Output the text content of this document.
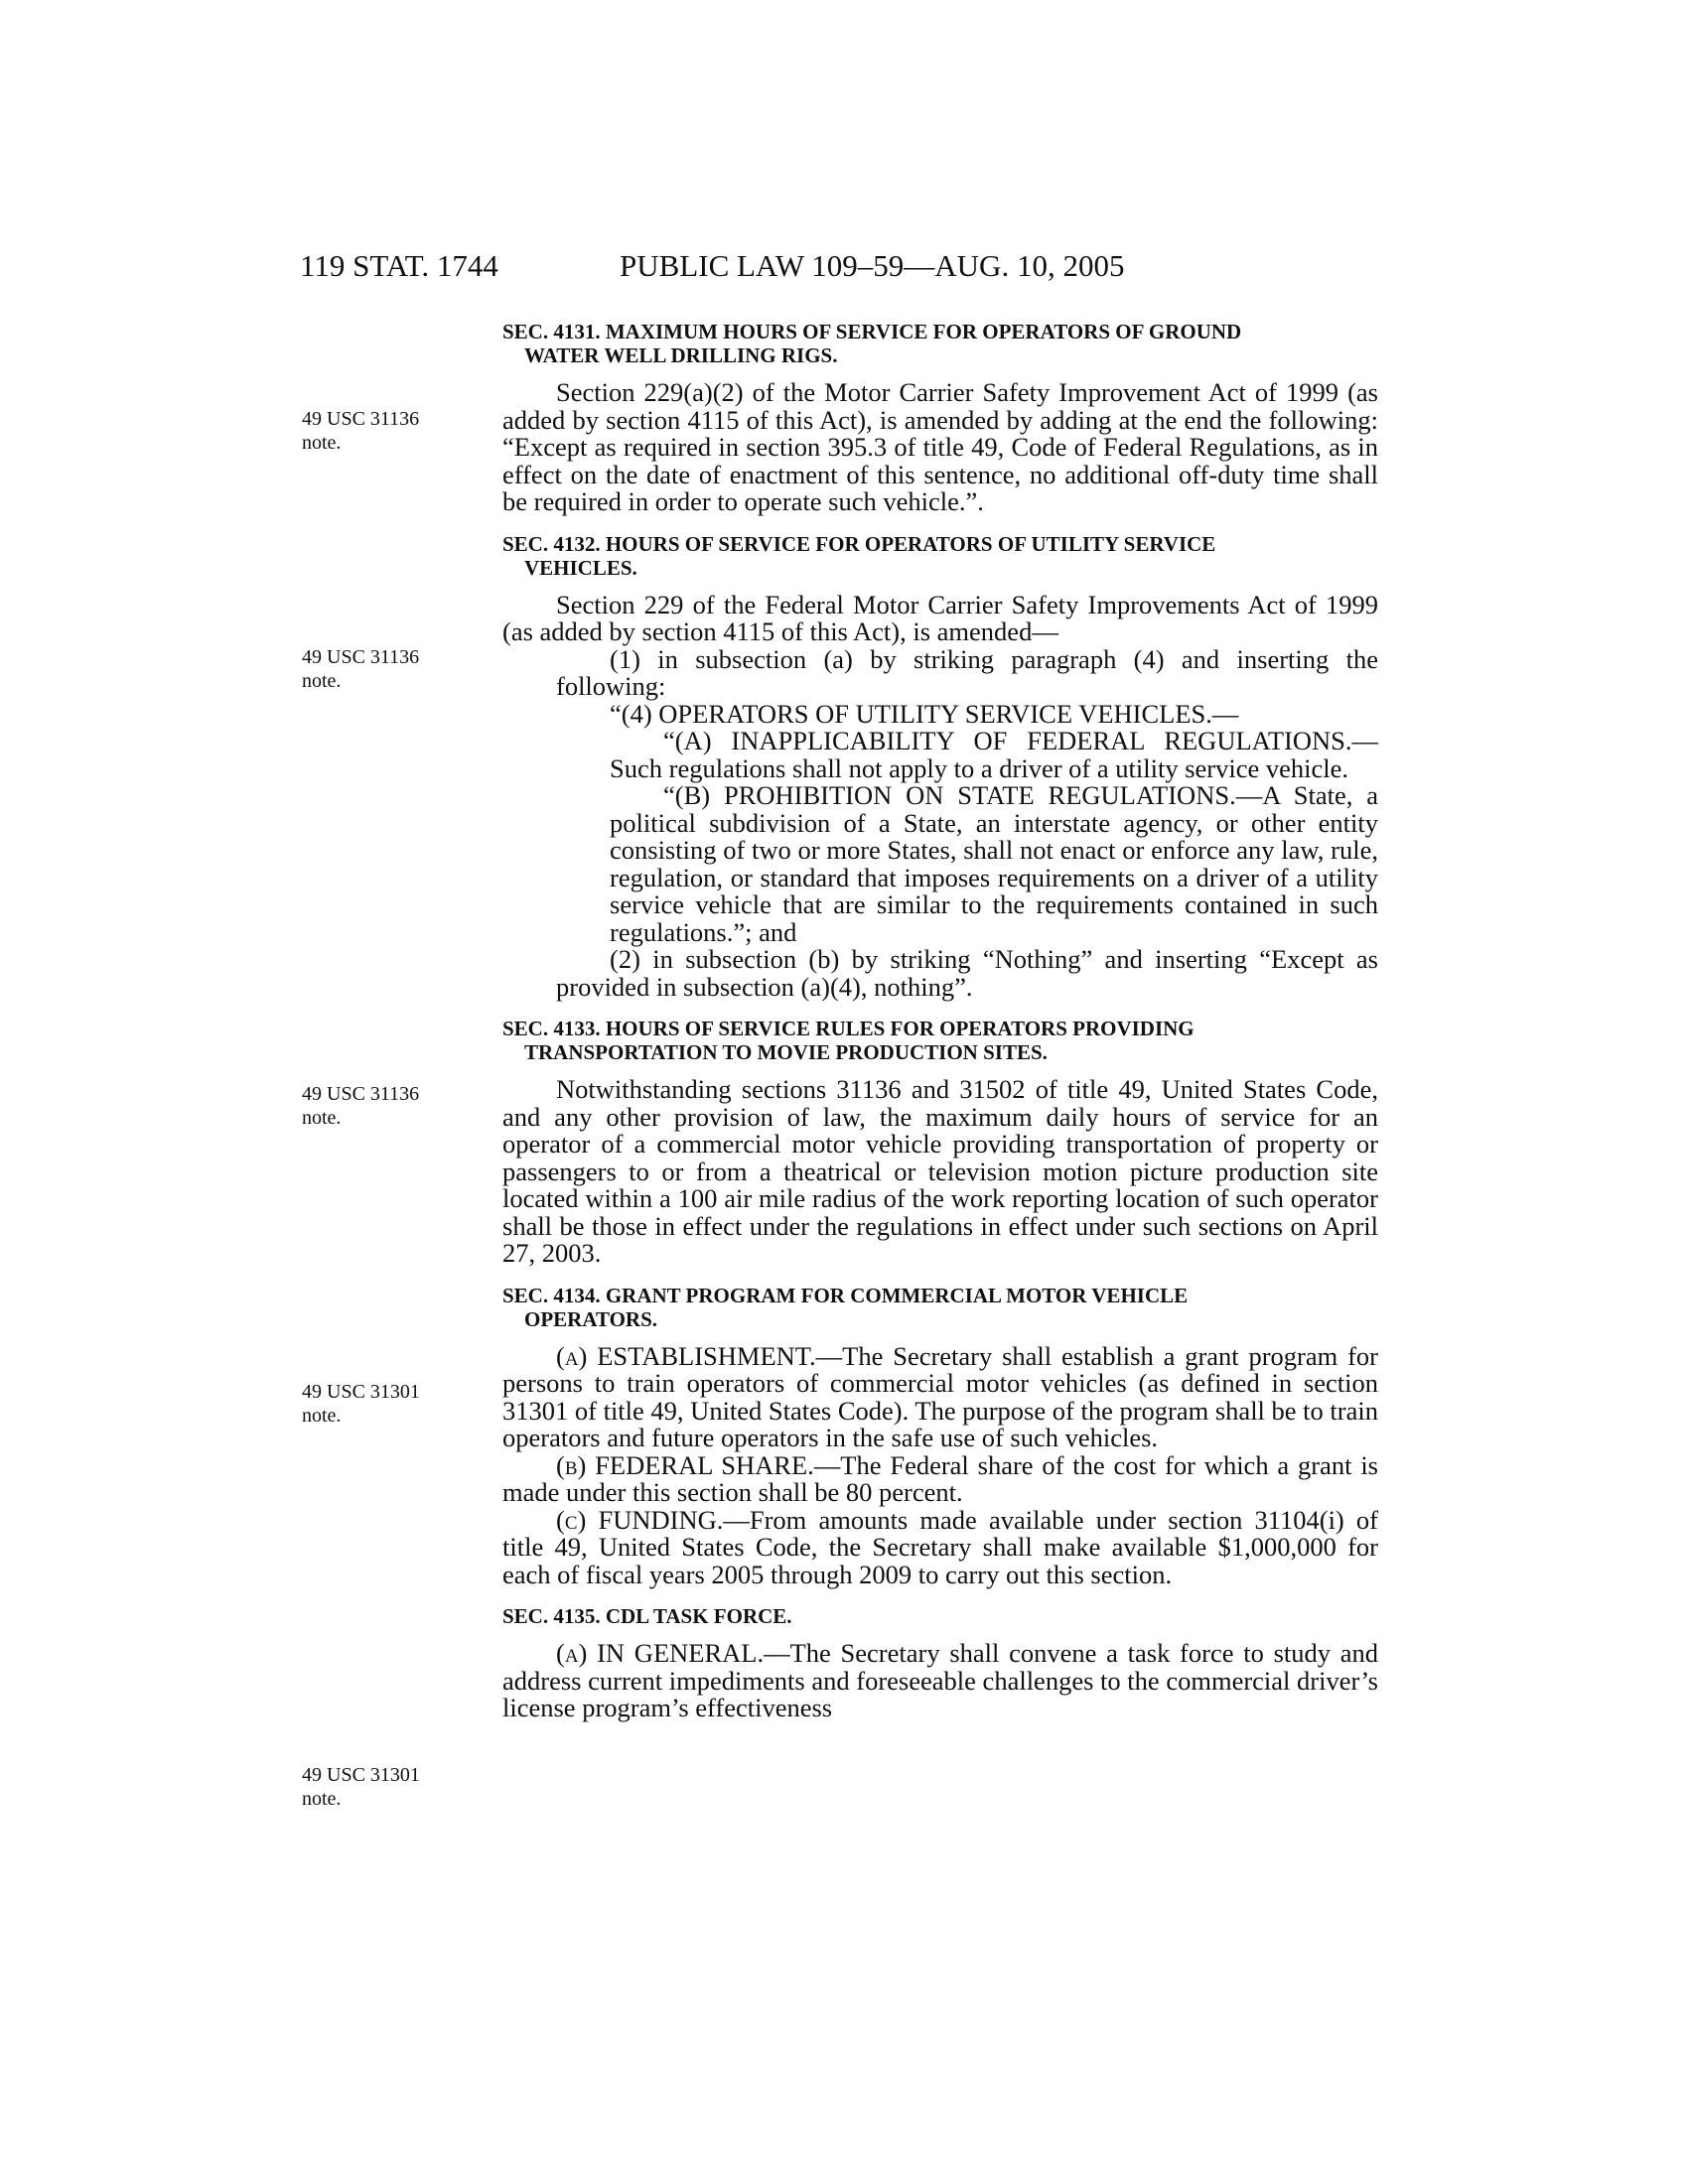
119 STAT. 1744	PUBLIC LAW 109–59—AUG. 10, 2005
49 USC 31136
note.
49 USC 31136
note.
49 USC 31136
note.
49 USC 31301
note.
49 USC 31301
note.
SEC. 4131. MAXIMUM HOURS OF SERVICE FOR OPERATORS OF GROUND
WATER WELL DRILLING RIGS.

Section 229(a)(2) of the Motor Carrier Safety Improvement Act of 1999 (as added by section 4115 of this Act), is amended by adding at the end the following: “Except as required in section 395.3 of title 49, Code of Federal Regulations, as in effect on the date of enactment of this sentence, no additional off-duty time shall be required in order to operate such vehicle.”.

SEC. 4132. HOURS OF SERVICE FOR OPERATORS OF UTILITY SERVICE
VEHICLES.

Section 229 of the Federal Motor Carrier Safety Improvements Act of 1999 (as added by section 4115 of this Act), is amended—

(1) in subsection (a) by striking paragraph (4) and inserting the following:

“(4) OPERATORS OF UTILITY SERVICE VEHICLES.—

“(A) INAPPLICABILITY OF FEDERAL REGULATIONS.—Such regulations shall not apply to a driver of a utility service vehicle.

“(B) PROHIBITION ON STATE REGULATIONS.—A State, a political subdivision of a State, an interstate agency, or other entity consisting of two or more States, shall not enact or enforce any law, rule, regulation, or standard that imposes requirements on a driver of a utility service vehicle that are similar to the requirements contained in such regulations.”; and

(2) in subsection (b) by striking “Nothing” and inserting “Except as provided in subsection (a)(4), nothing”.

SEC. 4133. HOURS OF SERVICE RULES FOR OPERATORS PROVIDING
TRANSPORTATION TO MOVIE PRODUCTION SITES.

Notwithstanding sections 31136 and 31502 of title 49, United States Code, and any other provision of law, the maximum daily hours of service for an operator of a commercial motor vehicle providing transportation of property or passengers to or from a theatrical or television motion picture production site located within a 100 air mile radius of the work reporting location of such operator shall be those in effect under the regulations in effect under such sections on April 27, 2003.

SEC. 4134. GRANT PROGRAM FOR COMMERCIAL MOTOR VEHICLE
OPERATORS.

(a) ESTABLISHMENT.—The Secretary shall establish a grant program for persons to train operators of commercial motor vehicles (as defined in section 31301 of title 49, United States Code). The purpose of the program shall be to train operators and future operators in the safe use of such vehicles.

(b) FEDERAL SHARE.—The Federal share of the cost for which a grant is made under this section shall be 80 percent.

(c) FUNDING.—From amounts made available under section 31104(i) of title 49, United States Code, the Secretary shall make available $1,000,000 for each of fiscal years 2005 through 2009 to carry out this section.

SEC. 4135. CDL TASK FORCE.

(a) IN GENERAL.—The Secretary shall convene a task force to study and address current impediments and foreseeable challenges to the commercial driver’s license program’s effectiveness
